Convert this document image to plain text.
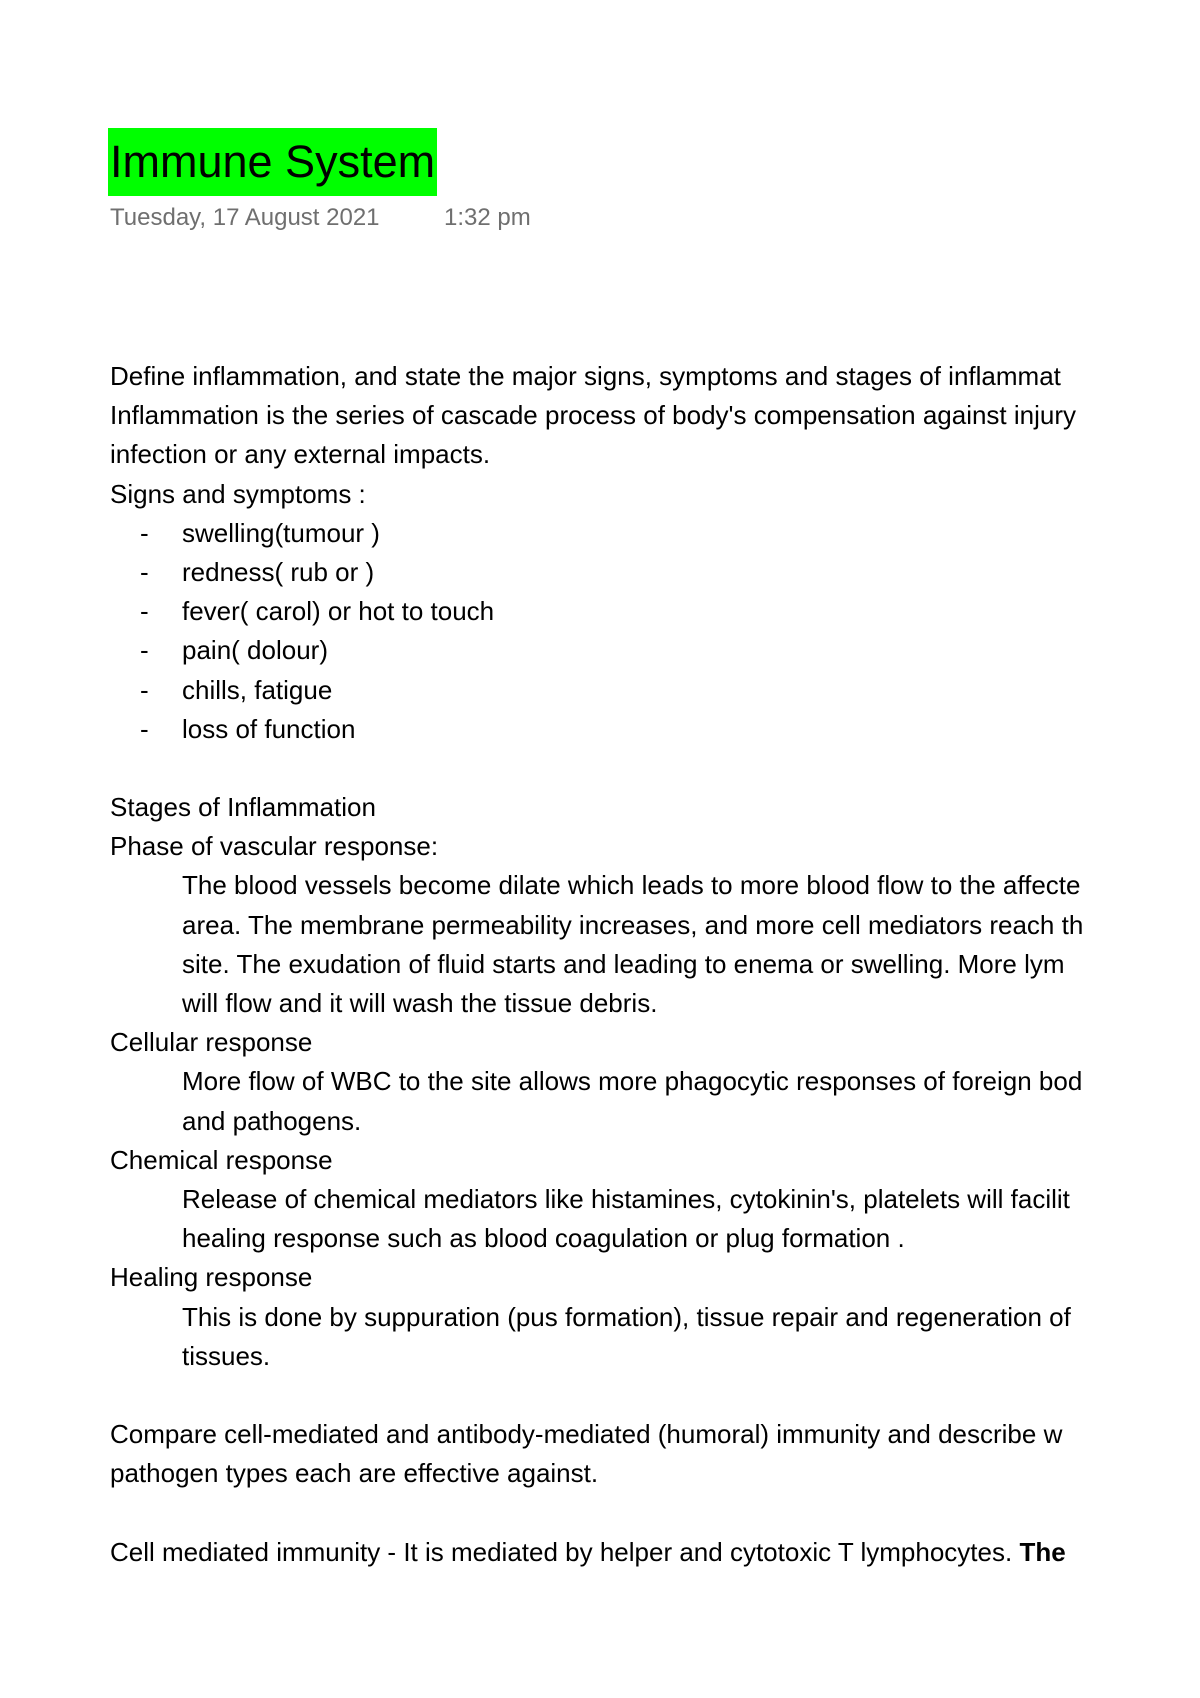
Immune System
Tuesday, 17 August 2021	1:32 pm
Define inflammation, and state the major signs, symptoms and stages of inflammat
Inflammation is the series of cascade process of body's compensation against injury
infection or any external impacts.
Signs and symptoms :
- swelling(tumour )
- redness( rub or )
- fever( carol) or hot to touch
- pain( dolour)
- chills, fatigue
- loss of function
Stages of Inflammation
Phase of vascular response:
The blood vessels become dilate which leads to more blood flow to the affecte
area. The membrane permeability increases, and more cell mediators reach th
site. The exudation of fluid starts and leading to enema or swelling. More lym
will flow and it will wash the tissue debris.
Cellular response
More flow of WBC to the site allows more phagocytic responses of foreign bod
and pathogens.
Chemical response
Release of chemical mediators like histamines, cytokinin's, platelets will facilit
healing response such as blood coagulation or plug formation .
Healing response
This is done by suppuration (pus formation), tissue repair and regeneration of
tissues.
Compare cell-mediated and antibody-mediated (humoral) immunity and describe w
pathogen types each are effective against.
Cell mediated immunity - It is mediated by helper and cytotoxic T lymphocytes. The
